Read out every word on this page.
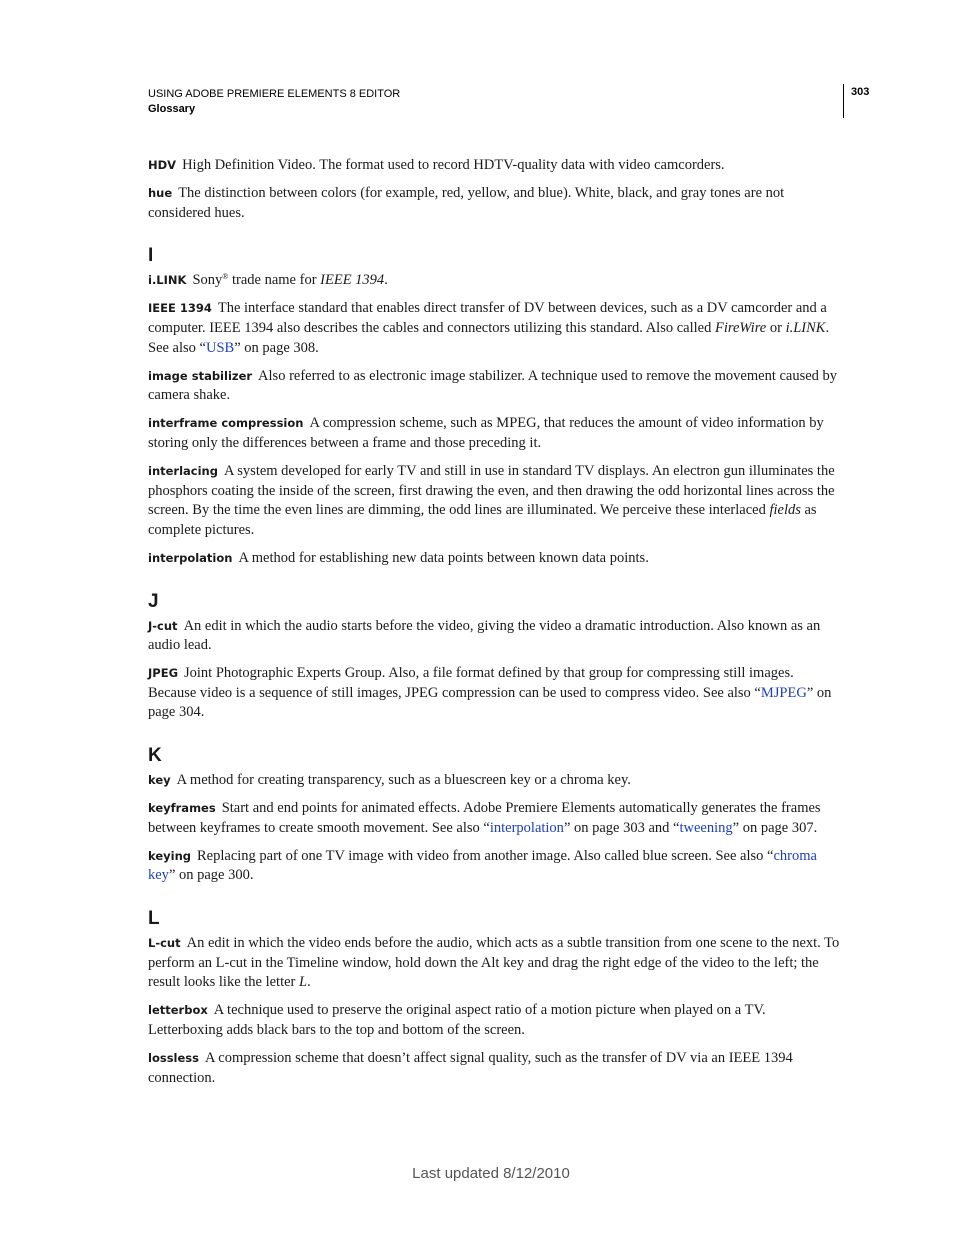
USING ADOBE PREMIERE ELEMENTS 8 EDITOR
Glossary
303

HDV High Definition Video. The format used to record HDTV-quality data with video camcorders.

hue The distinction between colors (for example, red, yellow, and blue). White, black, and gray tones are not considered hues.

I

i.LINK Sony® trade name for IEEE 1394.

IEEE 1394 The interface standard that enables direct transfer of DV between devices, such as a DV camcorder and a computer. IEEE 1394 also describes the cables and connectors utilizing this standard. Also called FireWire or i.LINK. See also “USB” on page 308.

image stabilizer Also referred to as electronic image stabilizer. A technique used to remove the movement caused by camera shake.

interframe compression A compression scheme, such as MPEG, that reduces the amount of video information by storing only the differences between a frame and those preceding it.

interlacing A system developed for early TV and still in use in standard TV displays. An electron gun illuminates the phosphors coating the inside of the screen, first drawing the even, and then drawing the odd horizontal lines across the screen. By the time the even lines are dimming, the odd lines are illuminated. We perceive these interlaced fields as complete pictures.

interpolation A method for establishing new data points between known data points.

J

J-cut An edit in which the audio starts before the video, giving the video a dramatic introduction. Also known as an audio lead.

JPEG Joint Photographic Experts Group. Also, a file format defined by that group for compressing still images. Because video is a sequence of still images, JPEG compression can be used to compress video. See also “MJPEG” on page 304.

K

key A method for creating transparency, such as a bluescreen key or a chroma key.

keyframes Start and end points for animated effects. Adobe Premiere Elements automatically generates the frames between keyframes to create smooth movement. See also “interpolation” on page 303 and “tweening” on page 307.

keying Replacing part of one TV image with video from another image. Also called blue screen. See also “chroma key” on page 300.

L

L-cut An edit in which the video ends before the audio, which acts as a subtle transition from one scene to the next. To perform an L-cut in the Timeline window, hold down the Alt key and drag the right edge of the video to the left; the result looks like the letter L.

letterbox A technique used to preserve the original aspect ratio of a motion picture when played on a TV. Letterboxing adds black bars to the top and bottom of the screen.

lossless A compression scheme that doesn’t affect signal quality, such as the transfer of DV via an IEEE 1394 connection.

Last updated 8/12/2010
